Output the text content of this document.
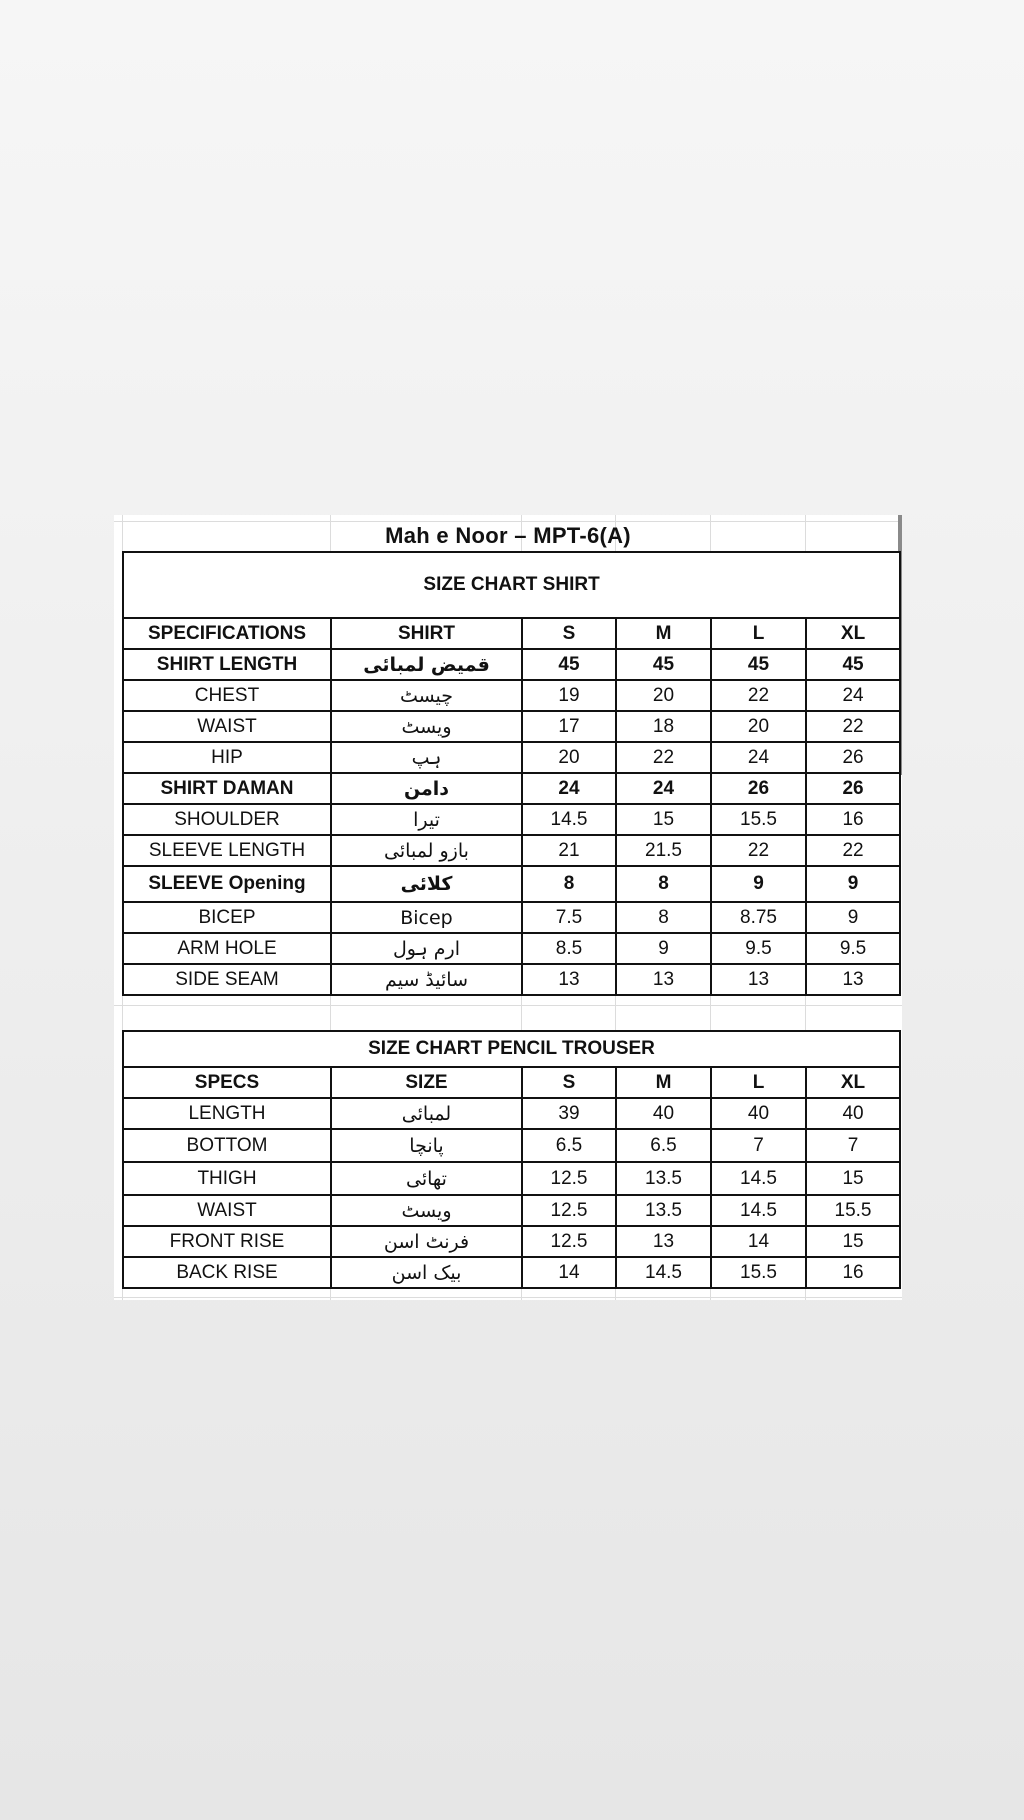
Mah e Noor – MPT-6(A)
SIZE CHART SHIRT					
SPECIFICATIONS	SHIRT	S	M	L	XL
SHIRT LENGTH	قمیض لمبائی	45	45	45	45
CHEST	چیسٹ	19	20	22	24
WAIST	ویسٹ	17	18	20	22
HIP	ہپ	20	22	24	26
SHIRT DAMAN	دامن	24	24	26	26
SHOULDER	تیرا	14.5	15	15.5	16
SLEEVE LENGTH	بازو لمبائی	21	21.5	22	22
SLEEVE Opening	کلائی	8	8	9	9
BICEP	Bicep	7.5	8	8.75	9
ARM HOLE	ارم ہول	8.5	9	9.5	9.5
SIDE SEAM	سائیڈ سیم	13	13	13	13
SIZE CHART PENCIL TROUSER					
SPECS	SIZE	S	M	L	XL
LENGTH	لمبائی	39	40	40	40
BOTTOM	پانچا	6.5	6.5	7	7
THIGH	تھائی	12.5	13.5	14.5	15
WAIST	ویسٹ	12.5	13.5	14.5	15.5
FRONT RISE	فرنٹ اسن	12.5	13	14	15
BACK RISE	بیک اسن	14	14.5	15.5	16
